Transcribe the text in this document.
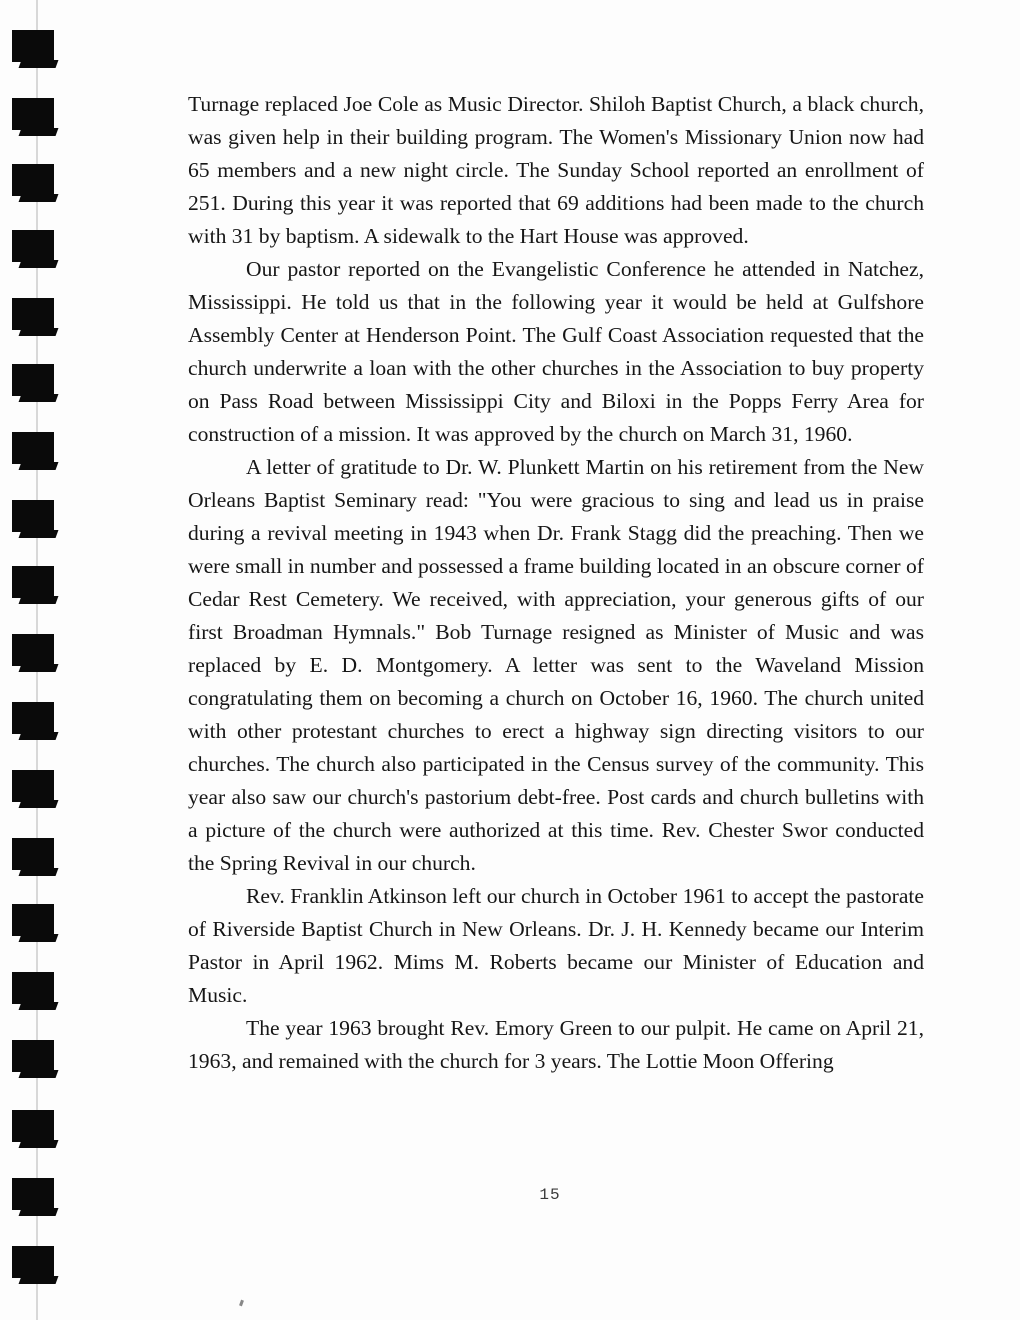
Turnage replaced Joe Cole as Music Director. Shiloh Baptist Church, a black church, was given help in their building program. The Women's Missionary Union now had 65 members and a new night circle. The Sunday School reported an enrollment of 251. During this year it was reported that 69 additions had been made to the church with 31 by baptism. A sidewalk to the Hart House was approved.

Our pastor reported on the Evangelistic Conference he attended in Natchez, Mississippi. He told us that in the following year it would be held at Gulfshore Assembly Center at Henderson Point. The Gulf Coast Association requested that the church underwrite a loan with the other churches in the Association to buy property on Pass Road between Mississippi City and Biloxi in the Popps Ferry Area for construction of a mission. It was approved by the church on March 31, 1960.

A letter of gratitude to Dr. W. Plunkett Martin on his retirement from the New Orleans Baptist Seminary read: "You were gracious to sing and lead us in praise during a revival meeting in 1943 when Dr. Frank Stagg did the preaching. Then we were small in number and possessed a frame building located in an obscure corner of Cedar Rest Cemetery. We received, with appreciation, your generous gifts of our first Broadman Hymnals." Bob Turnage resigned as Minister of Music and was replaced by E. D. Montgomery. A letter was sent to the Waveland Mission congratulating them on becoming a church on October 16, 1960. The church united with other protestant churches to erect a highway sign directing visitors to our churches. The church also participated in the Census survey of the community. This year also saw our church's pastorium debt-free. Post cards and church bulletins with a picture of the church were authorized at this time. Rev. Chester Swor conducted the Spring Revival in our church.

Rev. Franklin Atkinson left our church in October 1961 to accept the pastorate of Riverside Baptist Church in New Orleans. Dr. J. H. Kennedy became our Interim Pastor in April 1962. Mims M. Roberts became our Minister of Education and Music.

The year 1963 brought Rev. Emory Green to our pulpit. He came on April 21, 1963, and remained with the church for 3 years. The Lottie Moon Offering

15
